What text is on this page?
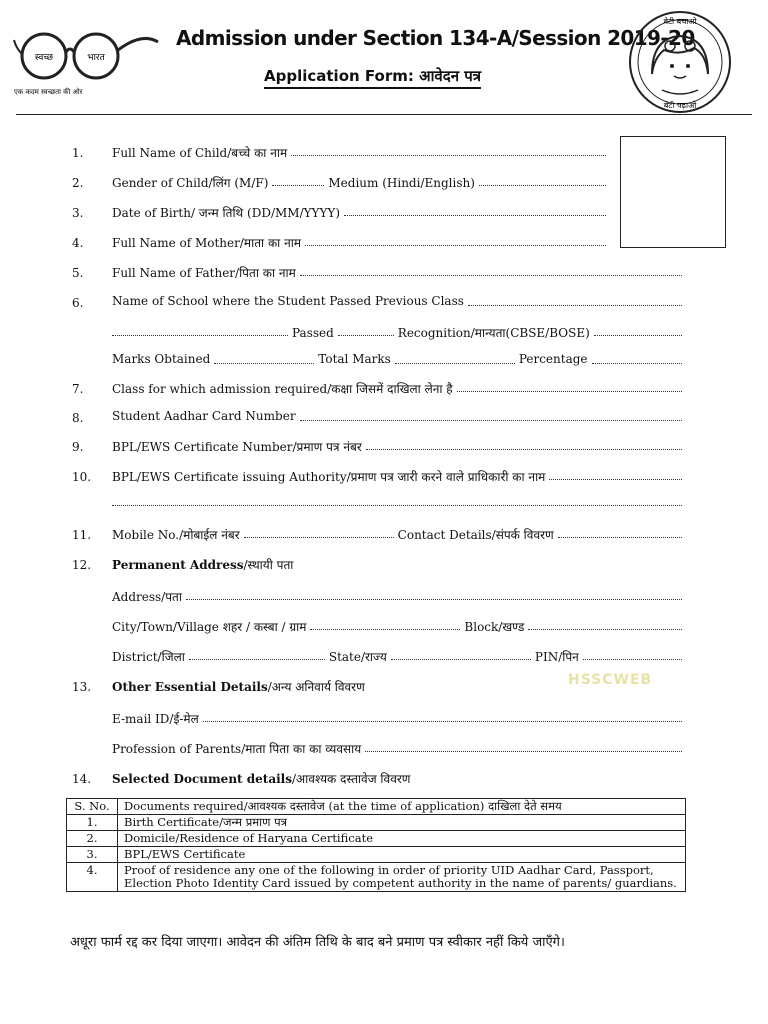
स्वच्छ	भारत
एक कदम स्वच्छता की ओर
Admission under Section 134-A/Session 2019-20
Application Form: आवेदन पत्र
बेटी बचाओ
बेटी पढ़ाओ
1. Full Name of Child/बच्चे का नाम
2. Gender of Child/लिंग (M/F)	Medium (Hindi/English)
3. Date of Birth/ जन्म तिथि (DD/MM/YYYY)
4. Full Name of Mother/माता का नाम
5. Full Name of Father/पिता का नाम
6. Name of School where the Student Passed Previous Class
Passed	Recognition/मान्यता(CBSE/BOSE)
Marks Obtained	Total Marks	Percentage
7. Class for which admission required/कक्षा जिसमें दाखिला लेना है
8. Student Aadhar Card Number
9. BPL/EWS Certificate Number/प्रमाण पत्र नंबर
10. BPL/EWS Certificate issuing Authority/प्रमाण पत्र जारी करने वाले प्राधिकारी का नाम
11. Mobile No./मोबाईल नंबर	Contact Details/संपर्क विवरण
12. Permanent Address /स्थायी पता
Address/पता
City/Town/Village शहर / कस्बा / ग्राम	Block/खण्ड
District/जिला	State/राज्य	PIN/पिन
13. Other Essential Details /अन्य अनिवार्य विवरण	HSSCWEB
E-mail ID/ई-मेल
Profession of Parents/माता पिता का का व्यवसाय
14. Selected Document details /आवश्यक दस्तावेज विवरण
S. No.	Documents required/आवश्यक दस्तावेज (at the time of application) दाखिला देते समय
1.	Birth Certificate/जन्म प्रमाण पत्र
2.	Domicile/Residence of Haryana Certificate
3.	BPL/EWS Certificate
4.	Proof of residence any one of the following in order of priority UID Aadhar Card, Passport, Election Photo Identity Card issued by competent authority in the name of parents/ guardians.
अधूरा फार्म रद्द कर दिया जाएगा। आवेदन की अंतिम तिथि के बाद बने प्रमाण पत्र स्वीकार नहीं किये जाएँगे।
